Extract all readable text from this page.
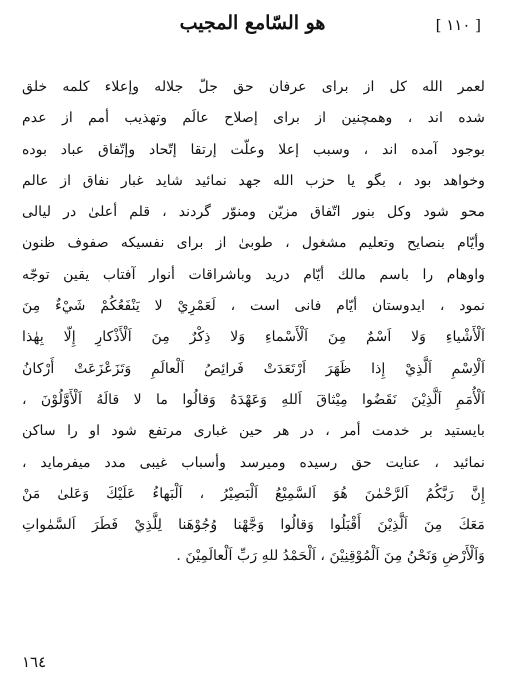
هو السّامع المجيب	[ ١١٠ ]
لعمر الله کل از برای عرفان حق جلّ جلاله وإعلاء کلمه خلق
شده اند ، وهمچنين از برای إصلاح عالَم وتهذيب أمم از عدم
بوجود آمده اند ، وسبب إعلا وعلّت إرتقا إتّحاد وإتّفاق عباد بوده
وخواهد بود ، بگو يا حزب الله جهد نمائيد شايد غبار نفاق از عالم
محو شود وکل بنور اتّفاق مزيّن ومنوّر گردند ، قلم أعلیٰ در ليالی
وأيّام بنصايح وتعليم مشغول ، طوبیٰ از برای نفسيکه صفوف ظنون
واوهام را باسم مالك أيّام دريد وباشراقات أنوار آفتاب يقين توجّه
نمود ، ايدوستان أيّام فانی است ، لَعَمْرِيْ لا يَنْفَعُكُمْ شَيْءٌ مِنَ
اَلْأَشْياءِ وَلا اَسْمٌ مِنَ اَلْأَسْماءِ وَلا ذِكْرٌ مِنَ اَلْأَذْكارِ إِلّا بِهٰذا
اَلْاِسْمِ اَلَّذِيْ إِذا ظَهَرَ اَرْتَعَدَتْ فَرائِصُ اَلْعالَمِ وَتَزَعْزَعَتْ أَرْكانُ
اَلْأُمَمِ اَلَّذِيْنَ نَقَضُوا مِيْثاقَ اَللهِ وَعَهْدَهُ وَقالُوا ما لا قالَهُ اَلْأَوَّلُوْنَ ،
بايستيد بر خدمت أمر ، در هر حين غباری مرتفع شود او را ساکن
نمائيد ، عنايت حق رسيده وميرسد وأسباب غيبی مدد ميفرمايد ،
إِنَّ رَبَّكُمُ اَلرَّحْمٰنَ هُوَ اَلسَّمِيْعُ اَلْبَصِيْرُ ، اَلْبَهاءُ عَلَيْكَ وَعَلىٰ مَنْ
مَعَكَ مِنَ اَلَّذِيْنَ أَقْبَلُوا وَقالُوا وَجَّهْنا وُجُوْهَنا لِلَّذِيْ فَطَرَ اَلسَّمٰواتِ
وَاَلْأَرْضِ وَنَحْنُ مِنَ اَلْمُوْقِنِيْنَ ، اَلْحَمْدُ للهِ رَبِّ اَلْعالَمِيْنَ .
١٦٤
